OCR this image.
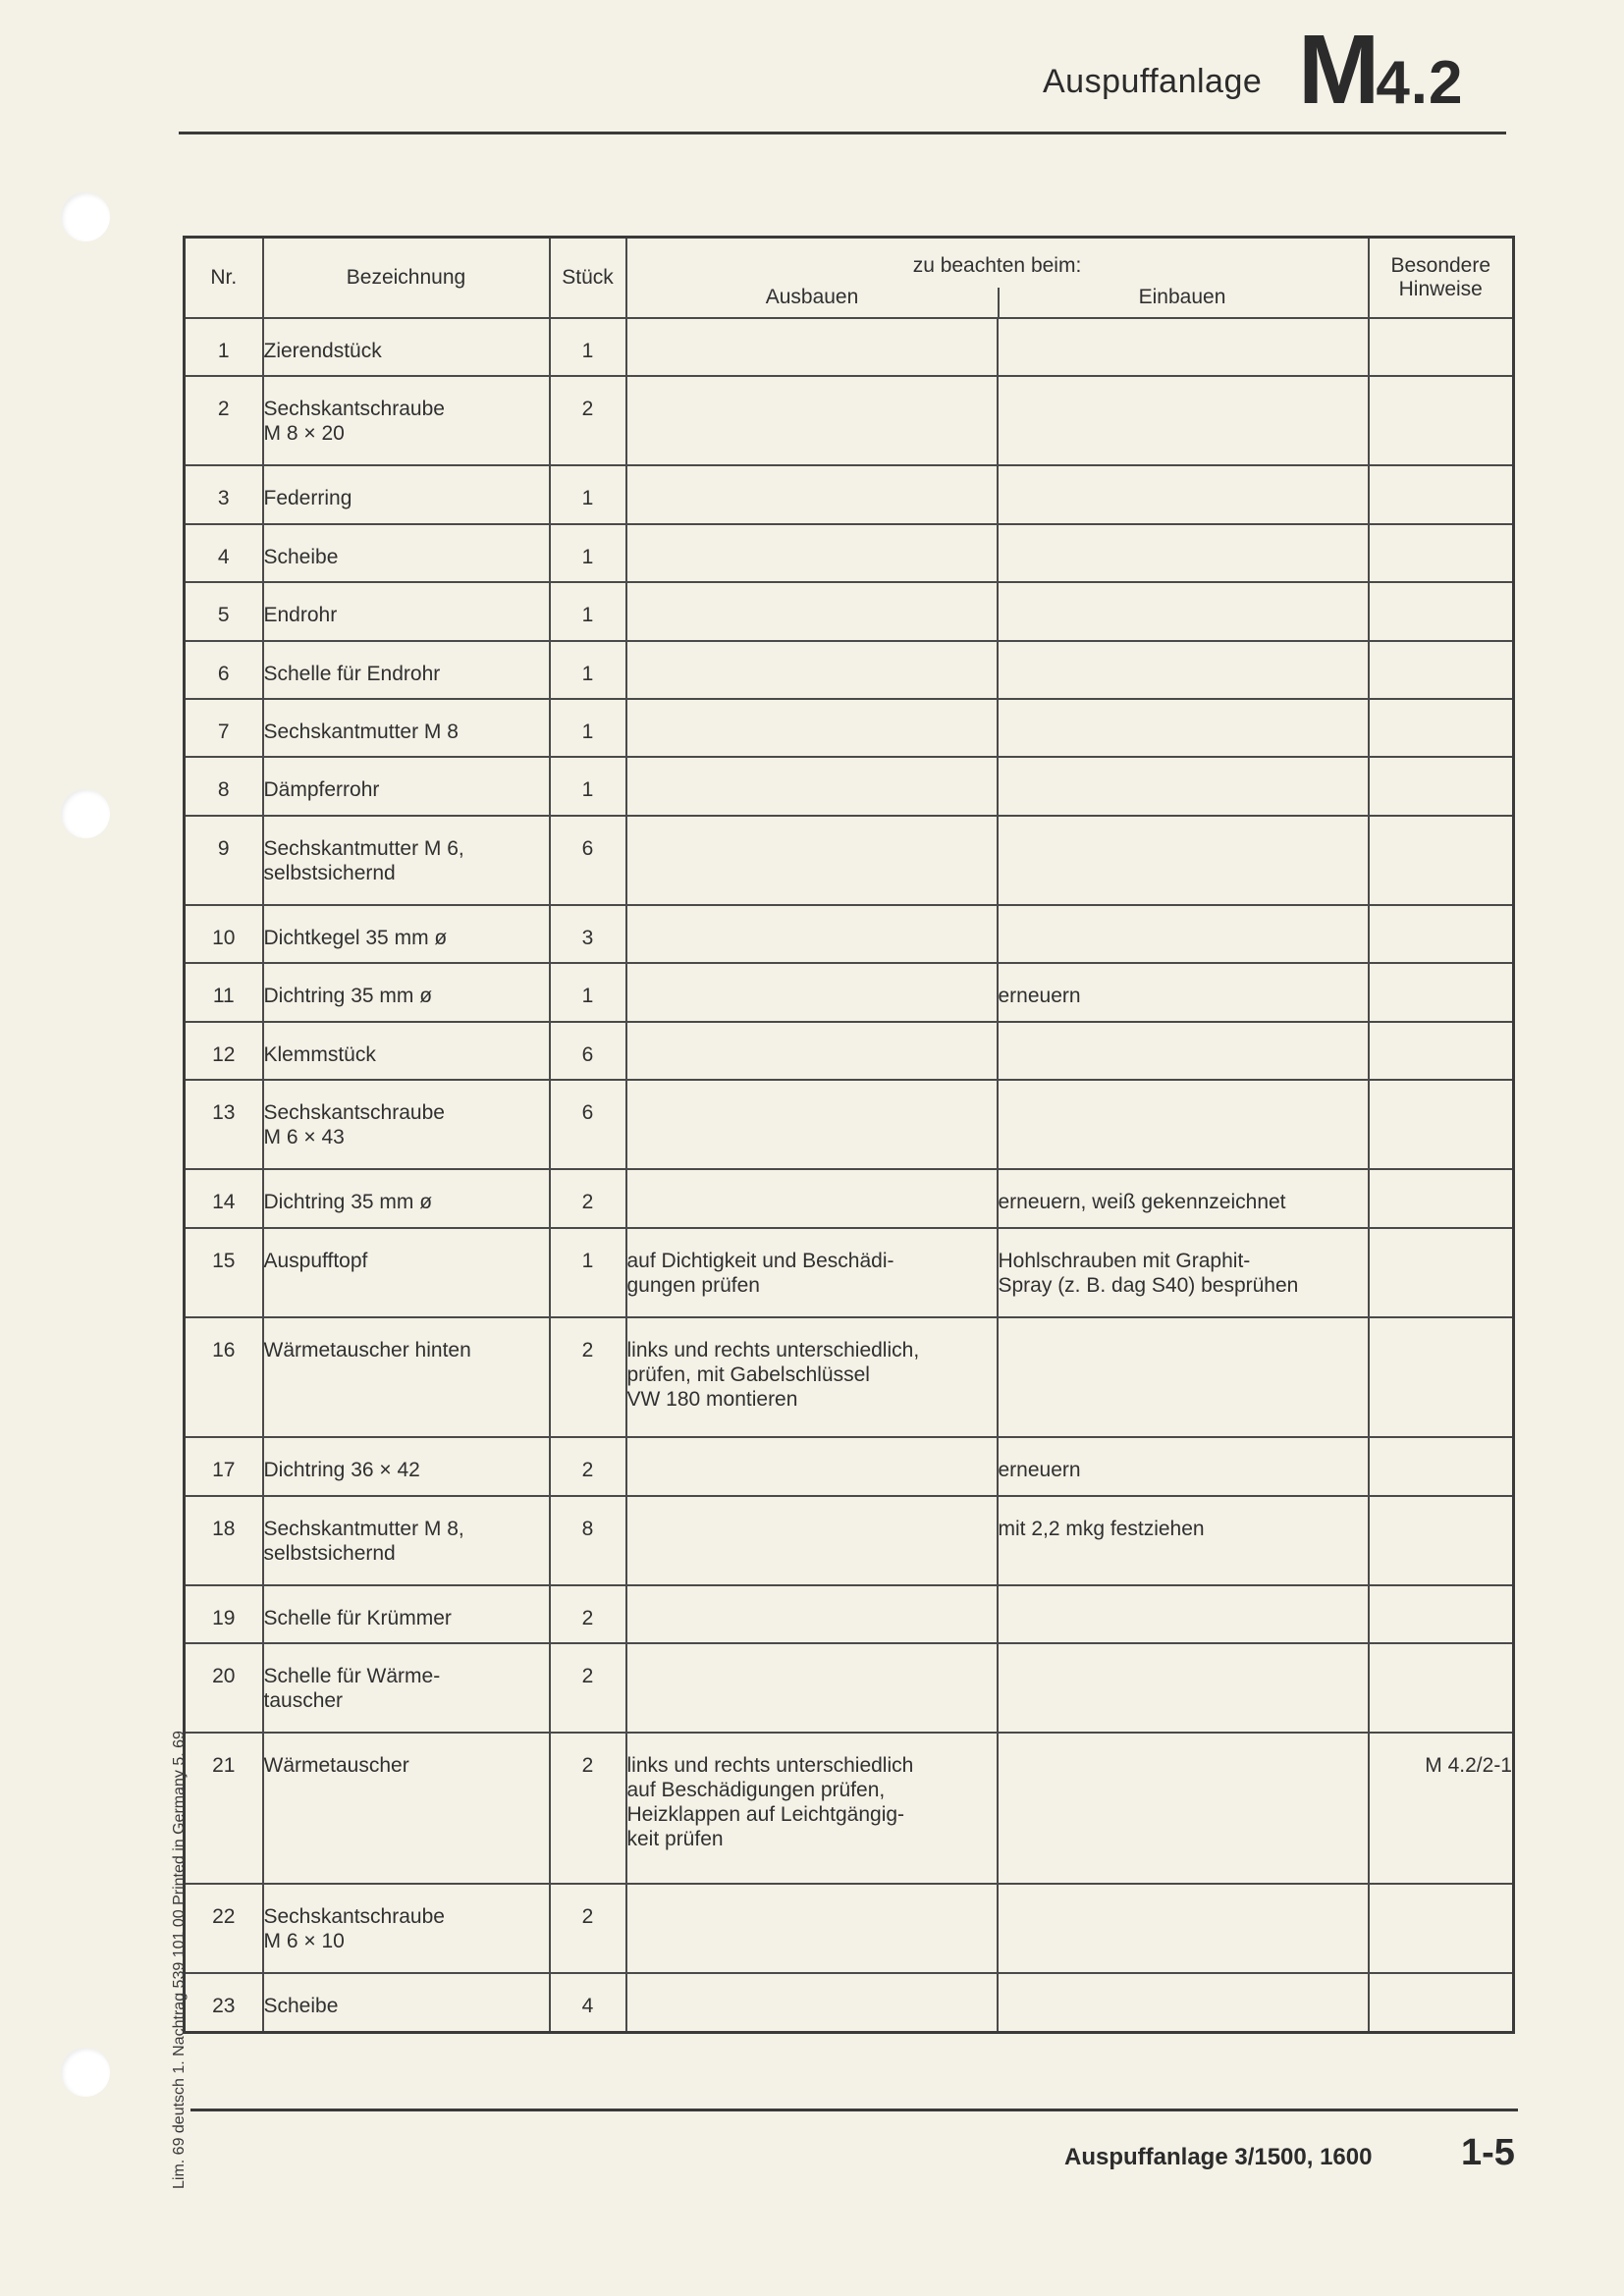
Auspuffanlage M4.2
Nr.	Bezeichnung	Stück	zu beachten beim:
Ausbauen Einbauen		Besondere Hinweise
1	Zierendstück	1			
2	Sechskantschraube
M 8 × 20	2			
3	Federring	1			
4	Scheibe	1			
5	Endrohr	1			
6	Schelle für Endrohr	1			
7	Sechskantmutter M 8	1			
8	Dämpferrohr	1			
9	Sechskantmutter M 6,
selbstsichernd	6			
10	Dichtkegel 35 mm ø	3			
11	Dichtring 35 mm ø	1		erneuern	
12	Klemmstück	6			
13	Sechskantschraube
M 6 × 43	6			
14	Dichtring 35 mm ø	2		erneuern, weiß gekennzeichnet	
15	Auspufftopf	1	auf Dichtigkeit und Beschädi-
gungen prüfen	Hohlschrauben mit Graphit-
Spray (z. B. dag S40) besprühen	
16	Wärmetauscher hinten	2	links und rechts unterschiedlich,
prüfen, mit Gabelschlüssel
VW 180 montieren		
17	Dichtring 36 × 42	2		erneuern	
18	Sechskantmutter M 8,
selbstsichernd	8		mit 2,2 mkg festziehen	
19	Schelle für Krümmer	2			
20	Schelle für Wärme-
tauscher	2			
21	Wärmetauscher	2	links und rechts unterschiedlich
auf Beschädigungen prüfen,
Heizklappen auf Leichtgängig-
keit prüfen		M 4.2/2-1
22	Sechskantschraube
M 6 × 10	2			
23	Scheibe	4			
Auspuffanlage 3/1500, 1600 1-5
Lim. 69 deutsch 1. Nachtrag 539 101 00 Printed in Germany 5. 69
